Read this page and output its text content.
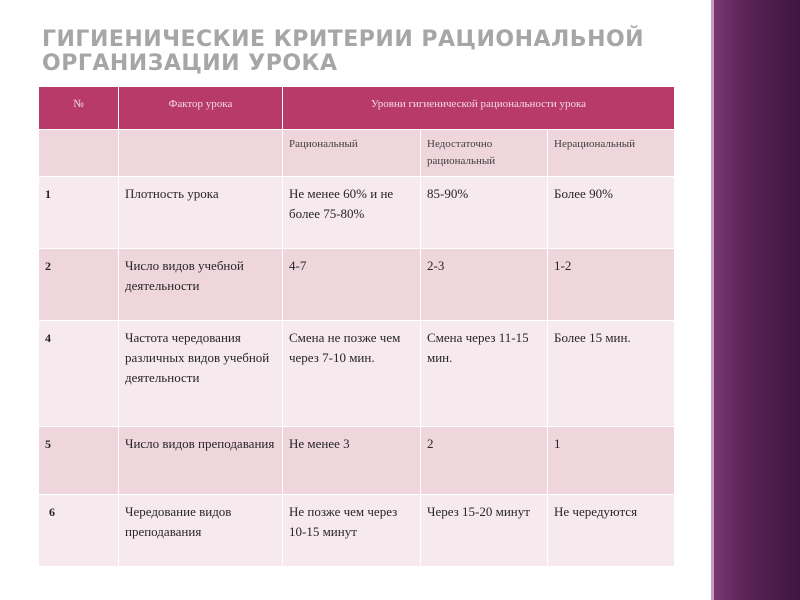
ГИГИЕНИЧЕСКИЕ КРИТЕРИИ РАЦИОНАЛЬНОЙ ОРГАНИЗАЦИИ УРОКА
№	Фактор урока	Уровни гигиенической рациональности урока		
		Рациональный	Недостаточно рациональный	Нерациональный
1	Плотность урока	Не менее 60% и не более 75-80%	85-90%	Более 90%
2	Число видов учебной деятельности	4-7	2-3	1-2
4	Частота чередования различных видов учебной деятельности	Смена не позже чем через 7-10 мин.	Смена через 11-15 мин.	Более 15 мин.
5	Число видов преподавания	Не менее 3	2	1
6	Чередование видов преподавания	Не позже чем через 10-15 минут	Через 15-20 минут	Не чередуются
